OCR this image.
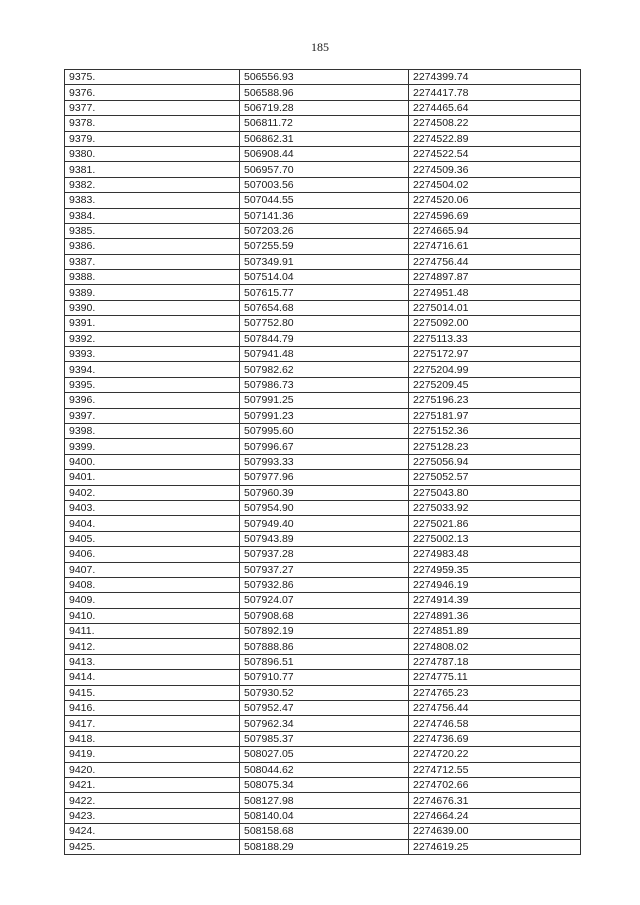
185
9375.	506556.93	2274399.74
9376.	506588.96	2274417.78
9377.	506719.28	2274465.64
9378.	506811.72	2274508.22
9379.	506862.31	2274522.89
9380.	506908.44	2274522.54
9381.	506957.70	2274509.36
9382.	507003.56	2274504.02
9383.	507044.55	2274520.06
9384.	507141.36	2274596.69
9385.	507203.26	2274665.94
9386.	507255.59	2274716.61
9387.	507349.91	2274756.44
9388.	507514.04	2274897.87
9389.	507615.77	2274951.48
9390.	507654.68	2275014.01
9391.	507752.80	2275092.00
9392.	507844.79	2275113.33
9393.	507941.48	2275172.97
9394.	507982.62	2275204.99
9395.	507986.73	2275209.45
9396.	507991.25	2275196.23
9397.	507991.23	2275181.97
9398.	507995.60	2275152.36
9399.	507996.67	2275128.23
9400.	507993.33	2275056.94
9401.	507977.96	2275052.57
9402.	507960.39	2275043.80
9403.	507954.90	2275033.92
9404.	507949.40	2275021.86
9405.	507943.89	2275002.13
9406.	507937.28	2274983.48
9407.	507937.27	2274959.35
9408.	507932.86	2274946.19
9409.	507924.07	2274914.39
9410.	507908.68	2274891.36
9411.	507892.19	2274851.89
9412.	507888.86	2274808.02
9413.	507896.51	2274787.18
9414.	507910.77	2274775.11
9415.	507930.52	2274765.23
9416.	507952.47	2274756.44
9417.	507962.34	2274746.58
9418.	507985.37	2274736.69
9419.	508027.05	2274720.22
9420.	508044.62	2274712.55
9421.	508075.34	2274702.66
9422.	508127.98	2274676.31
9423.	508140.04	2274664.24
9424.	508158.68	2274639.00
9425.	508188.29	2274619.25
